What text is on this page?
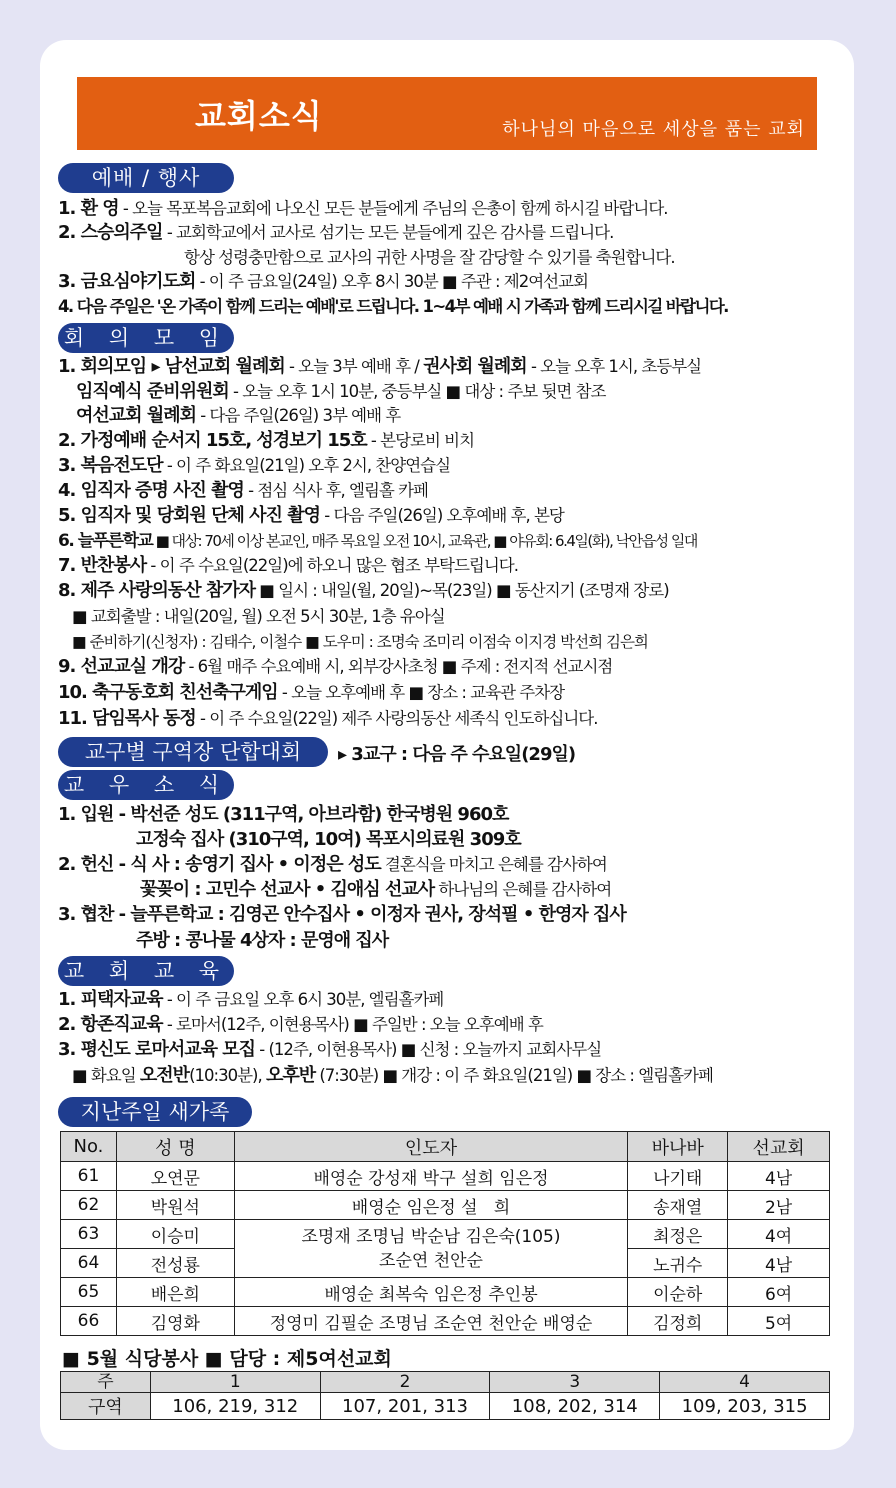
교회소식	하나님의 마음으로 세상을 품는 교회
예배 / 행사
1. 환 영 - 오늘 목포복음교회에 나오신 모든 분들에게 주님의 은총이 함께 하시길 바랍니다.
2. 스승의주일 - 교회학교에서 교사로 섬기는 모든 분들에게 깊은 감사를 드립니다.
항상 성령충만함으로 교사의 귀한 사명을 잘 감당할 수 있기를 축원합니다.
3. 금요심야기도회 - 이 주 금요일(24일) 오후 8시 30분 ■ 주관 : 제2여선교회
4. 다음 주일은 '온 가족이 함께 드리는 예배'로 드립니다. 1~4부 예배 시 가족과 함께 드리시길 바랍니다.
회 의 모 임
1. 회의모임 ▸ 남선교회 월례회 - 오늘 3부 예배 후 / 권사회 월례회 - 오늘 오후 1시, 초등부실
임직예식 준비위원회 - 오늘 오후 1시 10분, 중등부실 ■ 대상 : 주보 뒷면 참조
여선교회 월례회 - 다음 주일(26일) 3부 예배 후
2. 가정예배 순서지 15호, 성경보기 15호 - 본당로비 비치
3. 복음전도단 - 이 주 화요일(21일) 오후 2시, 찬양연습실
4. 임직자 증명 사진 촬영 - 점심 식사 후, 엘림홀 카페
5. 임직자 및 당회원 단체 사진 촬영 - 다음 주일(26일) 오후예배 후, 본당
6. 늘푸른학교 ■ 대상: 70세 이상 본교인, 매주 목요일 오전 10시, 교육관, ■ 야유회: 6.4일(화), 낙안읍성 일대
7. 반찬봉사 - 이 주 수요일(22일)에 하오니 많은 협조 부탁드립니다.
8. 제주 사랑의동산 참가자 ■ 일시 : 내일(월, 20일)~목(23일) ■ 동산지기 (조명재 장로)
■ 교회출발 : 내일(20일, 월) 오전 5시 30분, 1층 유아실
■ 준비하기(신청자) : 김태수, 이철수 ■ 도우미 : 조명숙 조미리 이점숙 이지경 박선희 김은희
9. 선교교실 개강 - 6월 매주 수요예배 시, 외부강사초청 ■ 주제 : 전지적 선교시점
10. 축구동호회 친선축구게임 - 오늘 오후예배 후 ■ 장소 : 교육관 주차장
11. 담임목사 동정 - 이 주 수요일(22일) 제주 사랑의동산 세족식 인도하십니다.
교구별 구역장 단합대회	▸ 3교구 : 다음 주 수요일(29일)
교 우 소 식
1. 입원 - 박선준 성도 (311구역, 아브라함) 한국병원 960호
고정숙 집사 (310구역, 10여) 목포시의료원 309호
2. 헌신 - 식 사 : 송영기 집사 • 이정은 성도 결혼식을 마치고 은혜를 감사하여
꽃꽂이 : 고민수 선교사 • 김애심 선교사 하나님의 은혜를 감사하여
3. 협찬 - 늘푸른학교 : 김영곤 안수집사 • 이정자 권사, 장석필 • 한영자 집사
주방 : 콩나물 4상자 : 문영애 집사
교 회 교 육
1. 피택자교육 - 이 주 금요일 오후 6시 30분, 엘림홀카페
2. 항존직교육 - 로마서(12주, 이현용목사) ■ 주일반 : 오늘 오후예배 후
3. 평신도 로마서교육 모집 - (12주, 이현용목사) ■ 신청 : 오늘까지 교회사무실
■ 화요일 오전반(10:30분), 오후반 (7:30분) ■ 개강 : 이 주 화요일(21일) ■ 장소 : 엘림홀카페
지난주일 새가족
No.	성 명	인도자	바나바	선교회
61	오연문	배영순 강성재 박구 설희 임은정	나기태	4남
62	박원석	배영순 임은정 설   희	송재열	2남
63	이승미	조명재 조명님 박순남 김은숙(105)
조순연 천안순	최정은	4여
64	전성룡		노귀수	4남
65	배은희	배영순 최복숙 임은정 추인봉	이순하	6여
66	김영화	정영미 김필순 조명님 조순연 천안순 배영순	김정희	5여
■ 5월 식당봉사 ■ 담당 : 제5여선교회
주	1	2	3	4
구역	106, 219, 312	107, 201, 313	108, 202, 314	109, 203, 315
